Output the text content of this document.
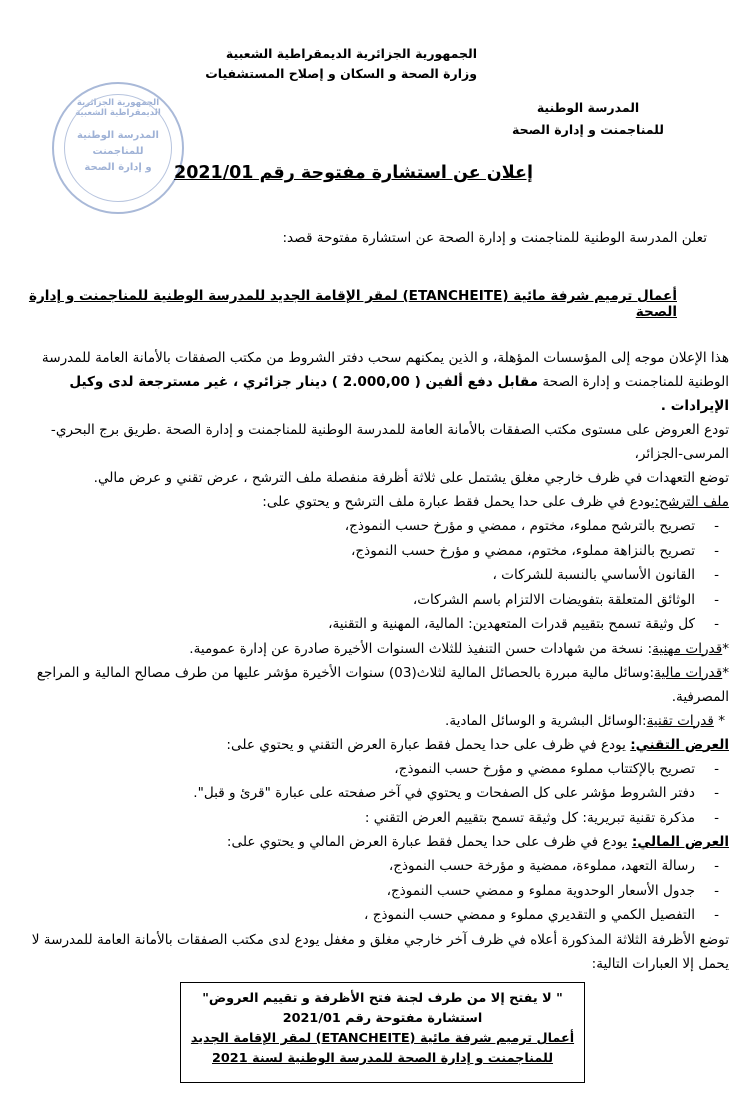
الجمهورية الجزائرية الديمقراطية الشعبية
وزارة الصحة و السكان و إصلاح المستشفيات
المدرسة الوطنية
للمناجمنت و إدارة الصحة
الجمهورية الجزائرية الديمقراطية الشعبية
المدرسة الوطنية
للمناجمنت
و إدارة الصحة	إعلان عن استشارة مفتوحة رقم 2021/01
تعلن المدرسة الوطنية للمناجمنت و إدارة الصحة عن استشارة مفتوحة قصد:
أعمال ترميم شرفة مائية (ETANCHEITE) لمقر الإقامة الجديد للمدرسة الوطنية للمناجمنت و إدارة الصحة
هذا الإعلان موجه إلى المؤسسات المؤهلة، و الذين يمكنهم سحب دفتر الشروط من مكتب الصفقات بالأمانة العامة للمدرسة الوطنية للمناجمنت و إدارة الصحة مقابل دفع ألفين ( 2.000,00 ) دينار جزائري ، غير مسترجعة لدى وكيل الإيرادات .
تودع العروض على مستوى مكتب الصفقات بالأمانة العامة للمدرسة الوطنية للمناجمنت و إدارة الصحة .طريق برج البحري- المرسى-الجزائر،
توضع التعهدات في ظرف خارجي مغلق يشتمل على ثلاثة أظرفة منفصلة ملف الترشح ، عرض تقني و عرض مالي.
ملف الترشح:يودع في ظرف على حدا يحمل فقط عبارة ملف الترشح و يحتوي على:
- تصريح بالترشح مملوء، مختوم ، ممضي و مؤرخ حسب النموذج،
- تصريح بالنزاهة مملوء، مختوم، ممضي و مؤرخ حسب النموذج،
- القانون الأساسي بالنسبة للشركات ،
- الوثائق المتعلقة بتفويضات الالتزام باسم الشركات،
- كل وثيقة تسمح بتقييم قدرات المتعهدين: المالية، المهنية و التقنية،
*قدرات مهنية: نسخة من شهادات حسن التنفيذ للثلاث السنوات الأخيرة صادرة عن إدارة عمومية.
*قدرات مالية:وسائل مالية مبررة بالحصائل المالية لثلاث(03) سنوات الأخيرة مؤشر عليها من طرف مصالح المالية و المراجع المصرفية.
* قدرات تقنية:الوسائل البشرية و الوسائل المادية.
العرض التقني: يودع في ظرف على حدا يحمل فقط عبارة العرض التقني و يحتوي على:
- تصريح بالإكتتاب مملوء ممضي و مؤرخ حسب النموذج،
- دفتر الشروط مؤشر على كل الصفحات و يحتوي في آخر صفحته على عبارة "قرئ و قبل".
- مذكرة تقنية تبريرية: كل وثيقة تسمح بتقييم العرض التقني :
العرض المالي: يودع في ظرف على حدا يحمل فقط عبارة العرض المالي و يحتوي على:
- رسالة التعهد، مملوءة، ممضية و مؤرخة حسب النموذج،
- جدول الأسعار الوحدوية مملوء و ممضي حسب النموذج،
- التفصيل الكمي و التقديري مملوء و ممضي حسب النموذج ،
توضع الأظرفة الثلاثة المذكورة أعلاه في ظرف آخر خارجي مغلق و مغفل يودع لدى مكتب الصفقات بالأمانة العامة للمدرسة لا يحمل إلا العبارات التالية:
" لا يفتح إلا من طرف لجنة فتح الأظرفة و تقييم العروض"
استشارة مفتوحة رقم 2021/01
أعمال ترميم شرفة مائية (ETANCHEITE) لمقر الإقامة الجديد
للمناجمنت و إدارة الصحة للمدرسة الوطنية لسنة 2021
